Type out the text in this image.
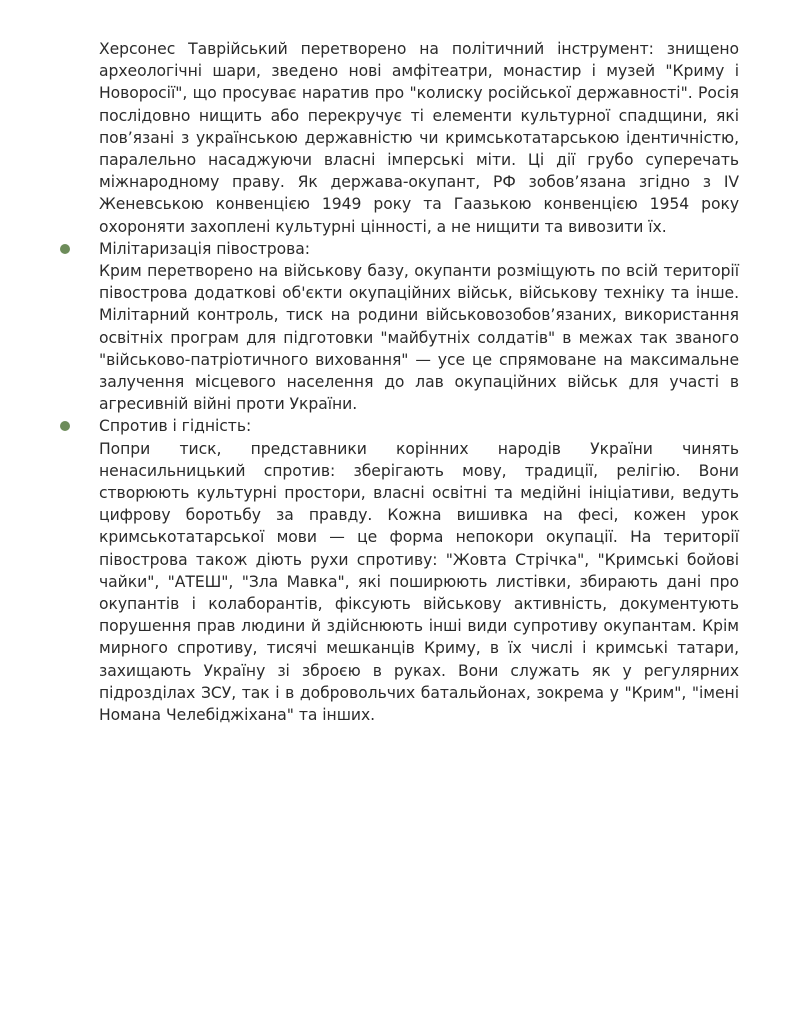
Херсонес Таврійський перетворено на політичний інструмент: знищено археологічні шари, зведено нові амфітеатри, монастир і музей "Криму і Новоросії", що просуває наратив про "колиску російської державності". Росія послідовно нищить або перекручує ті елементи культурної спадщини, які пов’язані з українською державністю чи кримськотатарською ідентичністю, паралельно насаджуючи власні імперські міти. Ці дії грубо суперечать міжнародному праву. Як держава-окупант, РФ зобов’язана згідно з IV Женевською конвенцією 1949 року та Гаазькою конвенцією 1954 року охороняти захоплені культурні цінності, а не нищити та вивозити їх.

Мілітаризація півострова:

Крим перетворено на військову базу, окупанти розміщують по всій території півострова додаткові об'єкти окупаційних військ, військову техніку та інше. Мілітарний контроль, тиск на родини військовозобов’язаних, використання освітніх програм для підготовки "майбутніх солдатів" в межах так званого "військово-патріотичного виховання" — усе це спрямоване на максимальне залучення місцевого населення до лав окупаційних військ для участі в агресивній війні проти України.

Спротив і гідність:

Попри тиск, представники корінних народів України чинять ненасильницький спротив: зберігають мову, традиції, релігію. Вони створюють культурні простори, власні освітні та медійні ініціативи, ведуть цифрову боротьбу за правду. Кожна вишивка на фесі, кожен урок кримськотатарської мови — це форма непокори окупації. На території півострова також діють рухи спротиву: "Жовта Стрічка", "Кримські бойові чайки", "АТЕШ", "Зла Мавка", які поширюють листівки, збирають дані про окупантів і колаборантів, фіксують військову активність, документують порушення прав людини й здійснюють інші види супротиву окупантам. Крім мирного спротиву, тисячі мешканців Криму, в їх числі і кримські татари, захищають Україну зі зброєю в руках. Вони служать як у регулярних підрозділах ЗСУ, так і в добровольчих батальйонах, зокрема у "Крим", "імені Номана Челебіджіхана" та інших.
